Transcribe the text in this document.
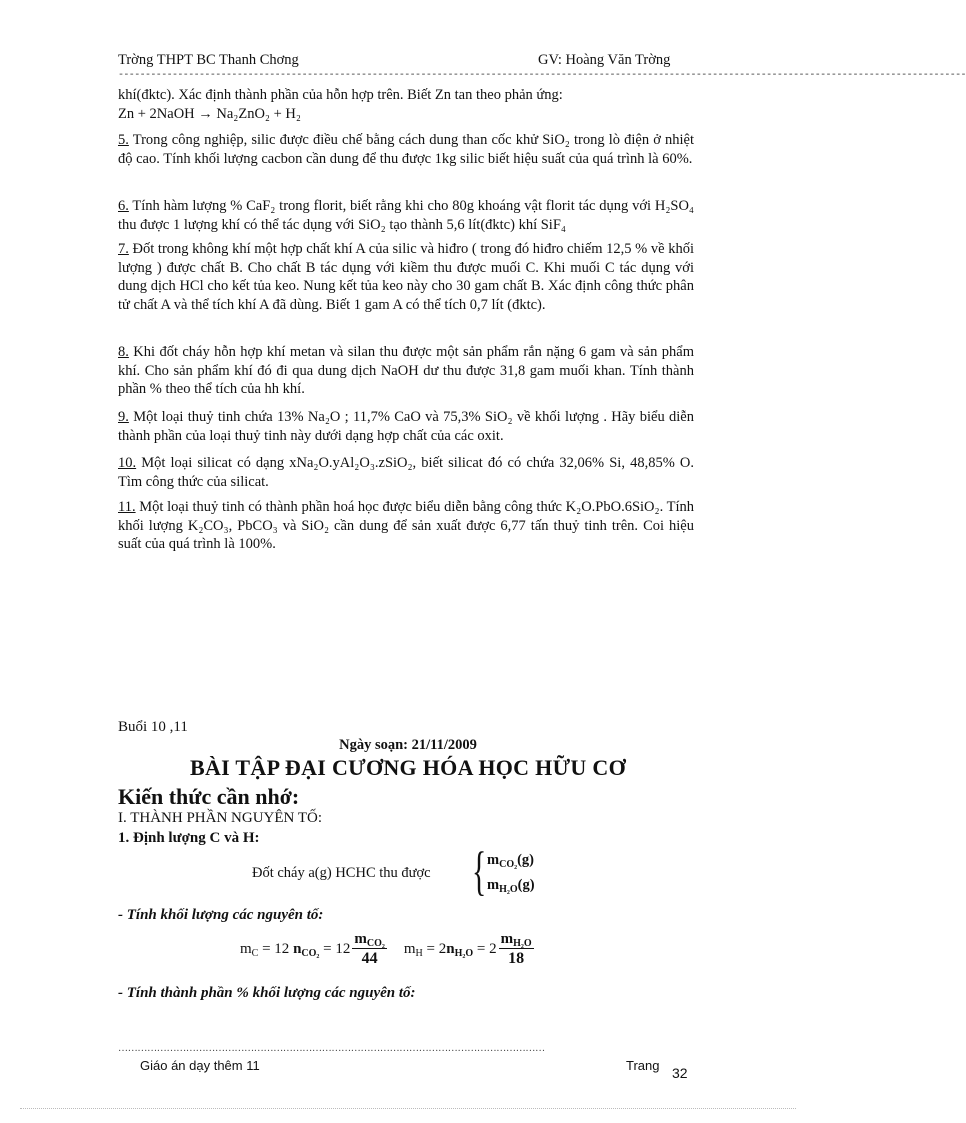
Trờng THPT BC Thanh Chơng	GV: Hoàng Văn Trờng
-------------------------------------------------------------------------------------------------------------------------------------------------------------
khí(đktc). Xác định thành phần của hỗn hợp trên. Biết Zn tan theo phản ứng:
Zn + 2NaOH → Na₂ZnO₂ + H₂
5. Trong công nghiệp, silic được điều chế bằng cách dung than cốc khử SiO₂ trong lò điện ở nhiệt độ cao. Tính khối lượng cacbon cần dung để thu được 1kg silic biết hiệu suất của quá trình là 60%.
6. Tính hàm lượng % CaF₂ trong florit, biết rằng khi cho 80g khoáng vật florit tác dụng với H₂SO₄ thu được 1 lượng khí có thể tác dụng với SiO₂ tạo thành 5,6 lít(đktc) khí SiF₄
7. Đốt trong không khí một hợp chất khí A của silic và hiđro ( trong đó hiđro chiếm 12,5 % về khối lượng ) được chất B. Cho chất B tác dụng với kiềm thu được muối C. Khi muối C tác dụng với dung dịch HCl cho kết tủa keo. Nung kết tủa keo này cho 30 gam chất B. Xác định công thức phân tử chất A và thể tích khí A đã dùng. Biết 1 gam A có thể tích 0,7 lít (đktc).
8. Khi đốt cháy hỗn hợp khí metan và silan thu được một sản phẩm rắn nặng 6 gam và sản phẩm khí. Cho sản phẩm khí đó đi qua dung dịch NaOH dư thu được 31,8 gam muối khan. Tính thành phần % theo thể tích của hh khí.
9. Một loại thuỷ tinh chứa 13% Na₂O ; 11,7% CaO và 75,3% SiO₂ về khối lượng . Hãy biểu diễn thành phần của loại thuỷ tinh này dưới dạng hợp chất của các oxit.
10. Một loại silicat có dạng xNa₂O.yAl₂O₃.zSiO₂, biết silicat đó có chứa 32,06% Si, 48,85% O. Tìm công thức của silicat.
11. Một loại thuỷ tinh có thành phần hoá học được biểu diễn bằng công thức K₂O.PbO.6SiO₂. Tính khối lượng K₂CO₃, PbCO₃ và SiO₂ cần dung để sản xuất được 6,77 tấn thuỷ tinh trên. Coi hiệu suất của quá trình là 100%.
Buổi 10 ,11
Ngày soạn: 21/11/2009
BÀI TẬP ĐẠI CƯƠNG HÓA HỌC HỮU CƠ
Kiến thức cần nhớ:
I. THÀNH PHẦN NGUYÊN TỐ:
1. Định lượng C và H:
Đốt cháy a(g) HCHC thu được { $m_{CO_2}(g)$
$m_{H_2O}(g)$
- Tính khối lượng các nguyên tố:
$m_C = 12$ $n_{CO_2} = 12 \frac{m_{CO_2}}{44} m_H = 2n_{H_2O} = 2 \frac{m_{H_2O}}{18}$
- Tính thành phần % khối lượng các nguyên tố:
……………………………………………………………………………………………………………………
Giáo án dạy thêm 11	Trang 32
